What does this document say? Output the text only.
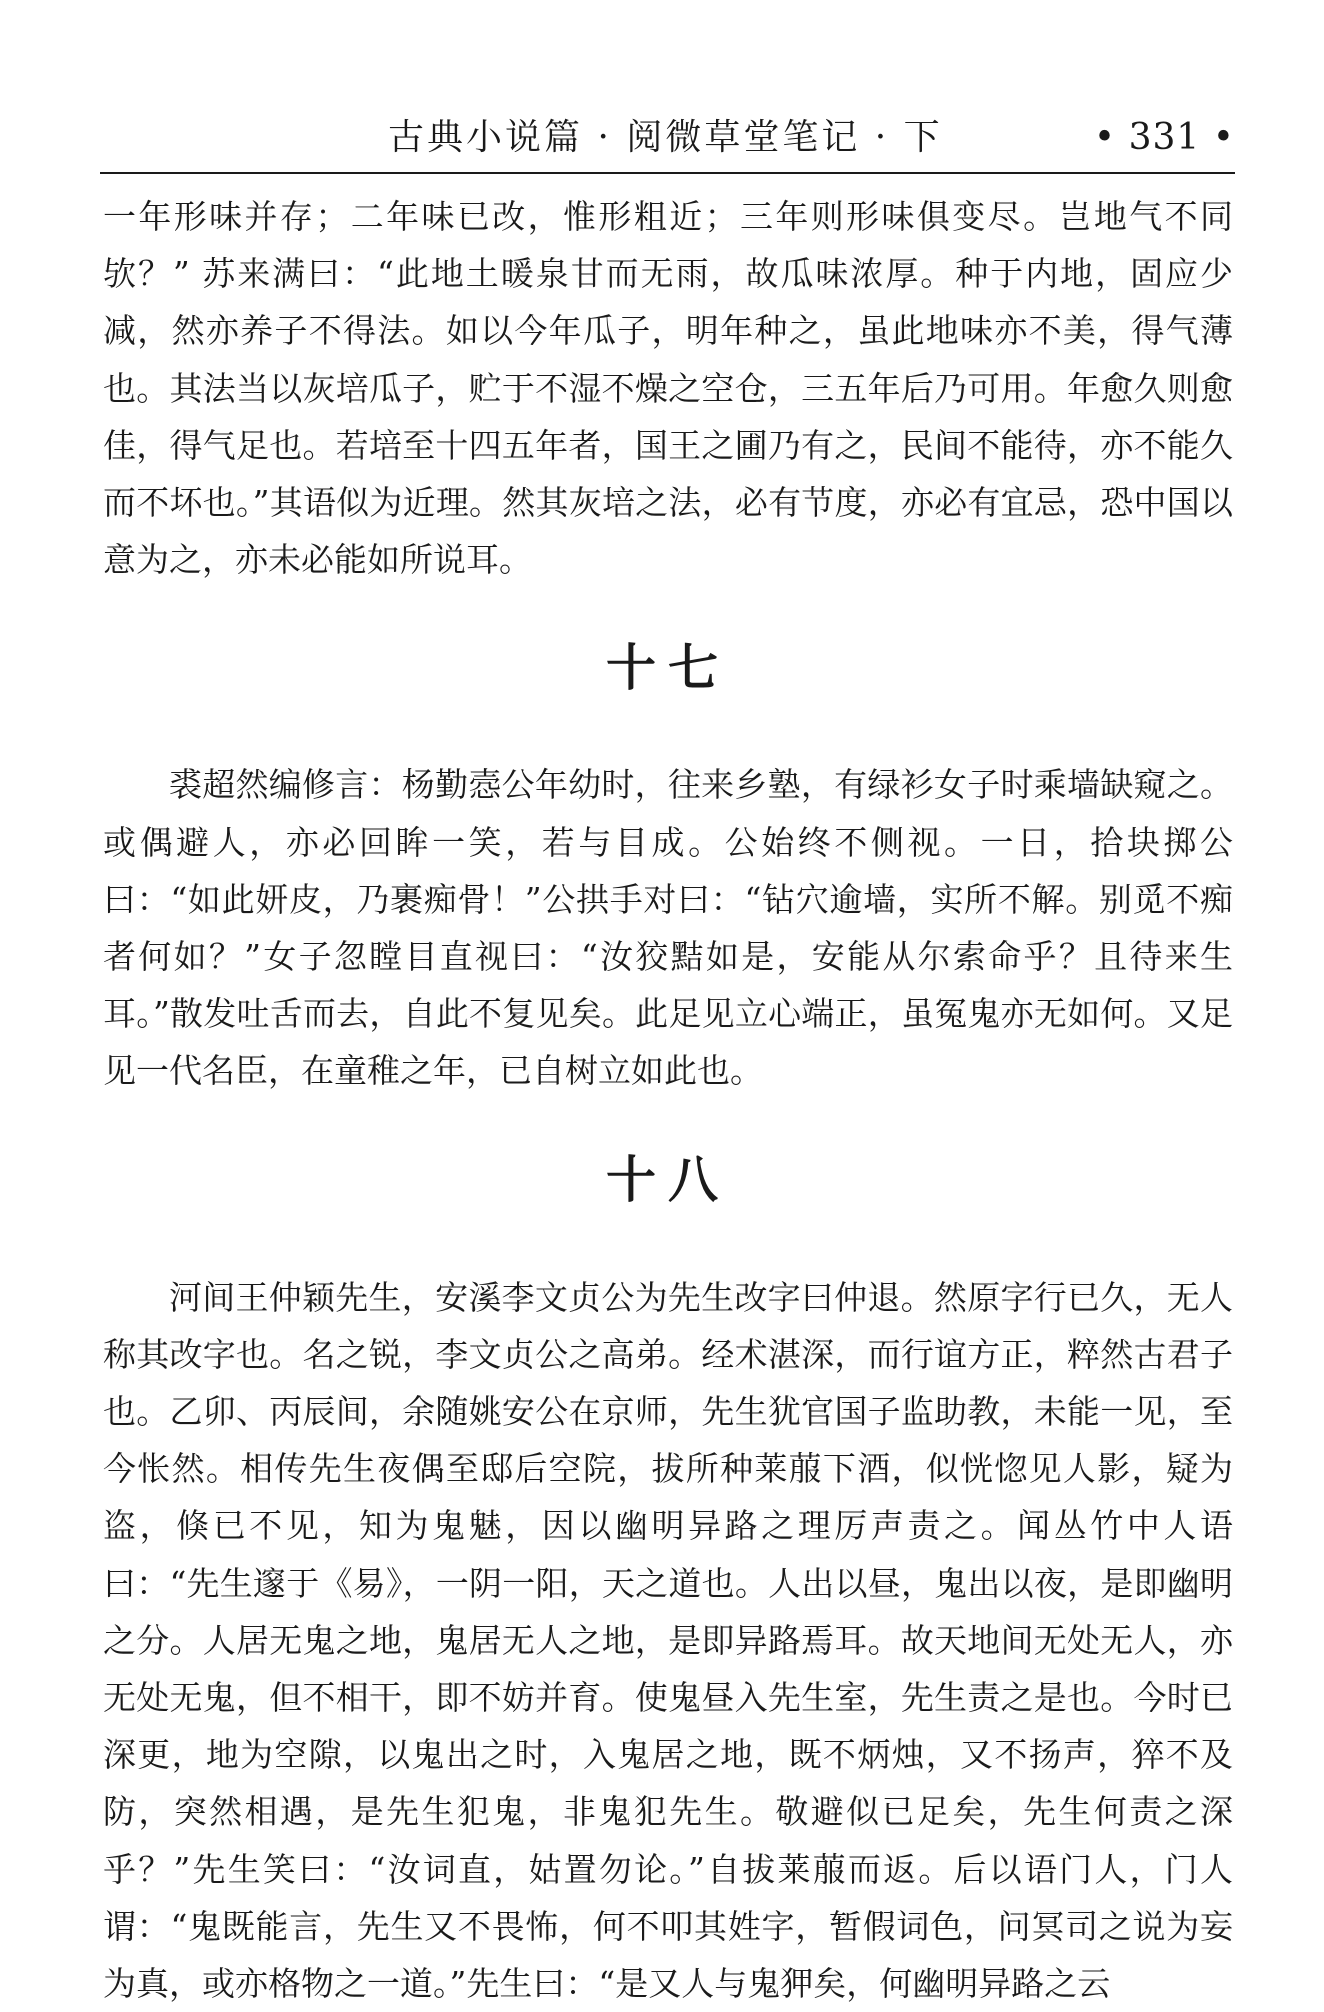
古典小说篇 · 阅微草堂笔记 · 下	• 331 •

一年形味并存；二年味已改，惟形粗近；三年则形味俱变尽。岂地气不同欤？” 苏来满曰：“此地土暖泉甘而无雨，故瓜味浓厚。种于内地，固应少减，然亦养子不得法。如以今年瓜子，明年种之，虽此地味亦不美，得气薄也。其法当以灰培瓜子，贮于不湿不燥之空仓，三五年后乃可用。年愈久则愈佳，得气足也。若培至十四五年者，国王之圃乃有之，民间不能待，亦不能久而不坏也。”其语似为近理。然其灰培之法，必有节度，亦必有宜忌，恐中国以意为之，亦未必能如所说耳。

十七

裘超然编修言：杨勤悫公年幼时，往来乡塾，有绿衫女子时乘墙缺窥之。或偶避人，亦必回眸一笑，若与目成。公始终不侧视。一日，拾块掷公曰：“如此妍皮，乃裹痴骨！”公拱手对曰：“钻穴逾墙，实所不解。别觅不痴者何如？”女子忽瞠目直视曰：“汝狡黠如是，安能从尔索命乎？且待来生耳。”散发吐舌而去，自此不复见矣。此足见立心端正，虽冤鬼亦无如何。又足见一代名臣，在童稚之年，已自树立如此也。

十八

河间王仲颖先生，安溪李文贞公为先生改字曰仲退。然原字行已久，无人称其改字也。名之锐，李文贞公之高弟。经术湛深，而行谊方正，粹然古君子也。乙卯、丙辰间，余随姚安公在京师，先生犹官国子监助教，未能一见，至今怅然。相传先生夜偶至邸后空院，拔所种莱菔下酒，似恍惚见人影，疑为盗，倏已不见，知为鬼魅，因以幽明异路之理厉声责之。闻丛竹中人语曰：“先生邃于《易》，一阴一阳，天之道也。人出以昼，鬼出以夜，是即幽明之分。人居无鬼之地，鬼居无人之地，是即异路焉耳。故天地间无处无人，亦无处无鬼，但不相干，即不妨并育。使鬼昼入先生室，先生责之是也。今时已深更，地为空隙，以鬼出之时，入鬼居之地，既不炳烛，又不扬声，猝不及防，突然相遇，是先生犯鬼，非鬼犯先生。敬避似已足矣，先生何责之深乎？”先生笑曰：“汝词直，姑置勿论。”自拔莱菔而返。后以语门人，门人谓：“鬼既能言，先生又不畏怖，何不叩其姓字，暂假词色，问冥司之说为妄为真，或亦格物之一道。”先生曰：“是又人与鬼狎矣，何幽明异路之云
